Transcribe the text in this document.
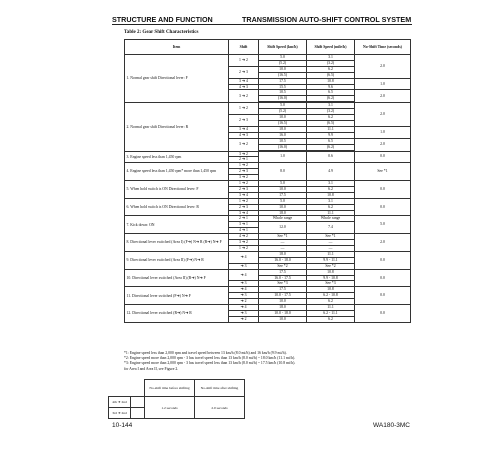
STRUCTURE AND FUNCTION	TRANSMISSION AUTO-SHIFT CONTROL SYSTEM
Table 2: Gear Shift Characteristics
Item	Shift	Shift Speed (km/h)	Shift Speed (mile/h)	No-Shift Time (seconds)
1. Normal gear shift Directional lever: F	1 ➜ 2	5.0	3.1	2.0
		(5.2)	(3.2)	
	2 ➜ 3	10.0	6.2	
		(16.5)	(6.5)	
	3 ➜ 4	17.5	10.8	1.0
	4 ➜ 3	15.5	9.6	
	3 ➜ 2	10.5	6.5	2.0
		(16.0)	(6.2)	

2. Normal gear shift Directional lever: R	1 ➜ 2	5.0	3.1	2.0
		(5.2)	(3.2)	
	2 ➜ 3	10.0	6.2	
		(16.5)	(6.5)	
	3 ➜ 4	18.0	11.1	1.0
	4 ➜ 3	16.0	9.9	
	3 ➜ 2	10.5	6.5	2.0
		(16.0)	(6.2)	

3. Engine speed less than 1,450 rpm	3 ➜ 2	1.0	0.6	0.0
	2 ➜ 1			
4. Engine speed less than 1,450 rpm* more than 1,450 rpm	1 ➜ 2	8.0	4.9	See *1
	2 ➜ 3			
	3 ➜ 2			
5. When hold switch is ON Directional lever: F	1 ➜ 2	5.0	3.1	0.0
	2 ➜ 3	10.0	6.2	
	3 ➜ 4	17.5	10.8	
6. When hold switch is ON Directional lever: R	1 ➜ 2	5.0	3.1	0.0
	2 ➜ 3	10.0	6.2	
	3 ➜ 4	18.0	11.1	
7. Kick down: ON	2 ➜ 1	Whole range	Whole range	5.0
	3 ➜ 1	12.0	7.4	
	4 ➜ 1			
8. Directional lever switched (Area I) (F➜) N➜ R (R➜) N➜ F	4 ➜ 2	See *1	See *1	2.0
	3 ➜ 2	—	—	
	1 ➜ 2	—	—	
9. Directional lever switched (Area II) (F➜) N➜ R	➜ 4	18.0	11.1	0.0
		16.0 - 18.0	9.9 - 11.1	
	➜ 3	See *2	See *2	
10. Directional lever switched (Area II) (R➜) N➜ F	➜ 4	17.5	10.8	0.0
		16.0 - 17.5	9.9 - 10.8	
	➜ 3	See *3	See *3	
11. Directional lever switched (F➜) N➜ F	➜ 4	17.5	10.8	0.0
	➜ 3	10.0 - 17.5	6.2 - 10.8	
	➜ 2	10.0	6.2	
12. Directional lever switched (R➜) N➜ R	➜ 4	18.0	11.1	0.0
	➜ 3	10.0 - 18.0	6.2 - 11.1	
	➜ 2	10.0	6.2	
*1: Engine speed less than 2,000 rpm and travel speed between 13 km/h (8.0 mi/h) and 16 km/h (9.9 mi/h).
*2: Engine speed more than 2,000 rpm - 3 has travel speed less than 13 km/h (8.0 mi/h) ~ 18.0 km/h (11.1 mi/h).
*3: Engine speed more than 2,000 rpm - 3 has travel speed less than 13 km/h (8.0 mi/h) ~ 17.5 km/h (10.8 mi/h).
for Area I and Area II, see Figure 2.
		No-shift time before shifting	No-shift time after shifting
4th ➜ 2nd		1.2 seconds	2.0 seconds
3rd ➜ 2nd			
10-144	WA180-3MC
